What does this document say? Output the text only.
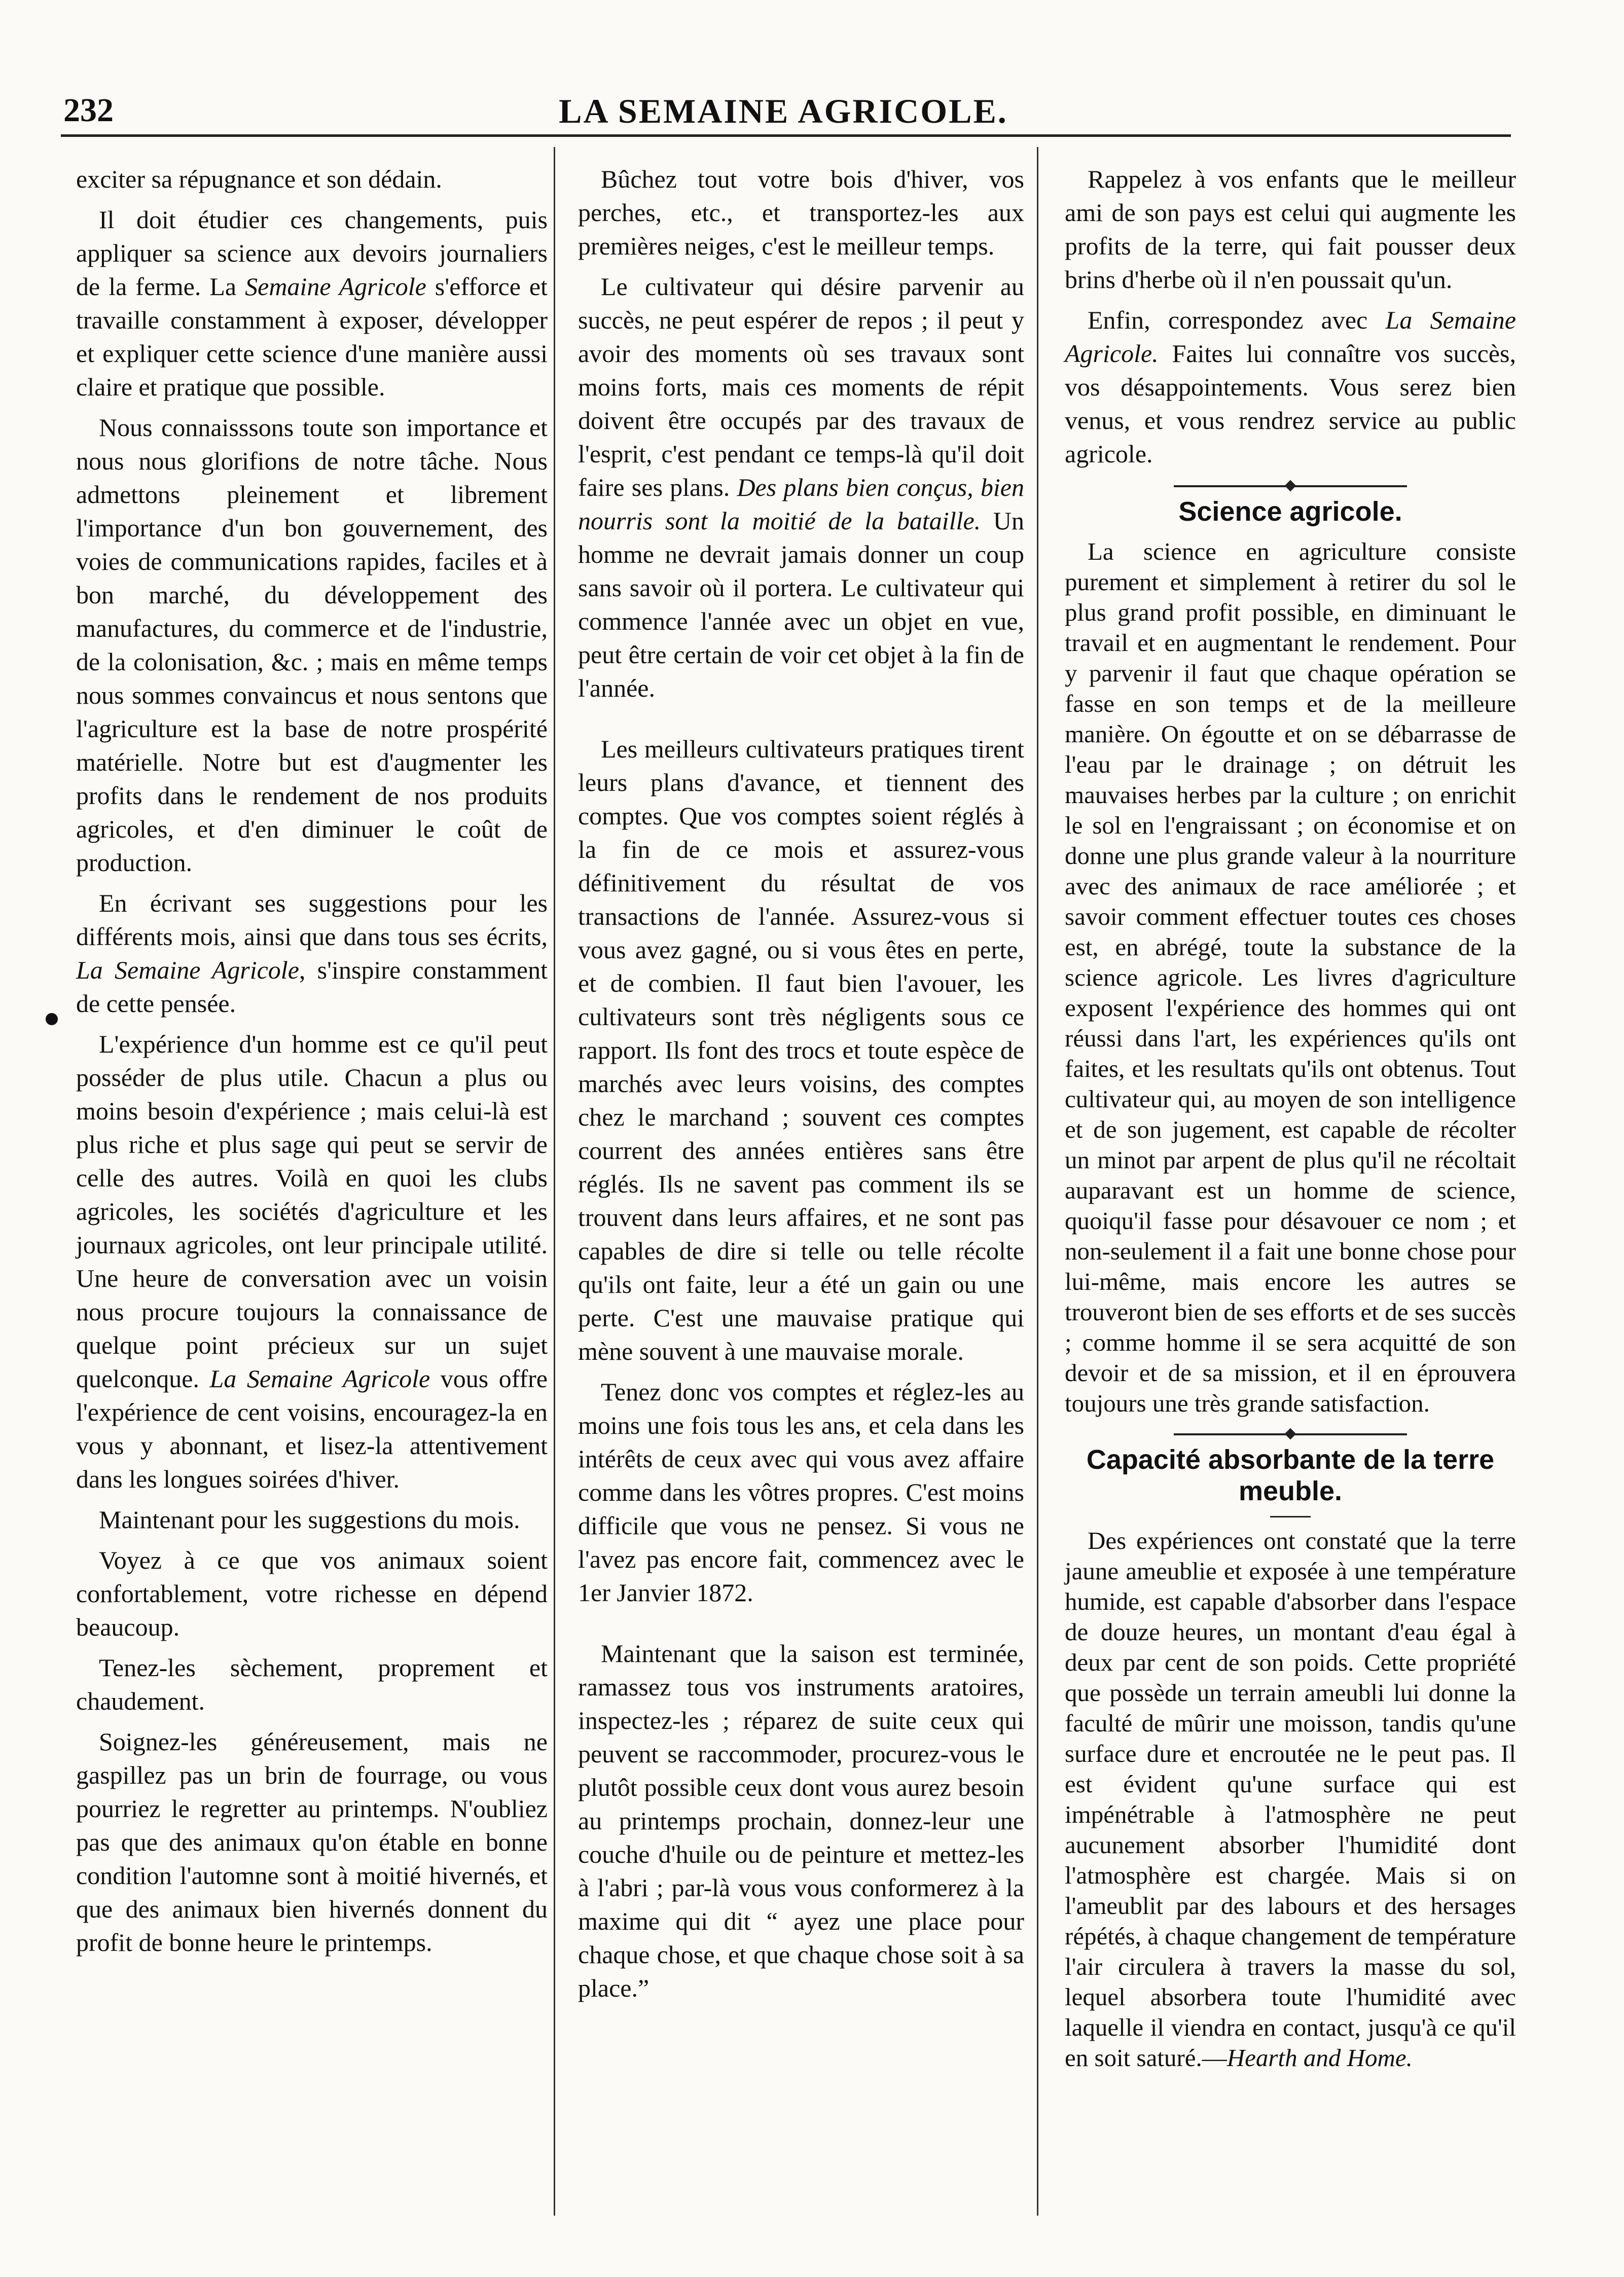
232	LA SEMAINE AGRICOLE.

exciter sa répugnance et son dédain.

Il doit étudier ces changements, puis appliquer sa science aux devoirs journaliers de la ferme. La Semaine Agricole s'efforce et travaille constamment à exposer, développer et expliquer cette science d'une manière aussi claire et pratique que possible.

Nous connaisssons toute son importance et nous nous glorifions de notre tâche. Nous admettons pleinement et librement l'importance d'un bon gouvernement, des voies de communications rapides, faciles et à bon marché, du développement des manufactures, du commerce et de l'industrie, de la colonisation, &c. ; mais en même temps nous sommes convaincus et nous sentons que l'agriculture est la base de notre prospérité matérielle. Notre but est d'augmenter les profits dans le rendement de nos produits agricoles, et d'en diminuer le coût de production.

En écrivant ses suggestions pour les différents mois, ainsi que dans tous ses écrits, La Semaine Agricole, s'inspire constamment de cette pensée.

L'expérience d'un homme est ce qu'il peut posséder de plus utile. Chacun a plus ou moins besoin d'expérience ; mais celui-là est plus riche et plus sage qui peut se servir de celle des autres. Voilà en quoi les clubs agricoles, les sociétés d'agriculture et les journaux agricoles, ont leur principale utilité. Une heure de conversation avec un voisin nous procure toujours la connaissance de quelque point précieux sur un sujet quelconque. La Semaine Agricole vous offre l'expérience de cent voisins, encouragez-la en vous y abonnant, et lisez-la attentivement dans les longues soirées d'hiver.

Maintenant pour les suggestions du mois.

Voyez à ce que vos animaux soient confortablement, votre richesse en dépend beaucoup.

Tenez-les sèchement, proprement et chaudement.

Soignez-les généreusement, mais ne gaspillez pas un brin de fourrage, ou vous pourriez le regretter au printemps. N'oubliez pas que des animaux qu'on étable en bonne condition l'automne sont à moitié hivernés, et que des animaux bien hivernés donnent du profit de bonne heure le printemps.

Bûchez tout votre bois d'hiver, vos perches, etc., et transportez-les aux premières neiges, c'est le meilleur temps.

Le cultivateur qui désire parvenir au succès, ne peut espérer de repos ; il peut y avoir des moments où ses travaux sont moins forts, mais ces moments de répit doivent être occupés par des travaux de l'esprit, c'est pendant ce temps-là qu'il doit faire ses plans. Des plans bien conçus, bien nourris sont la moitié de la bataille. Un homme ne devrait jamais donner un coup sans savoir où il portera. Le cultivateur qui commence l'année avec un objet en vue, peut être certain de voir cet objet à la fin de l'année.

Les meilleurs cultivateurs pratiques tirent leurs plans d'avance, et tiennent des comptes. Que vos comptes soient réglés à la fin de ce mois et assurez-vous définitivement du résultat de vos transactions de l'année. Assurez-vous si vous avez gagné, ou si vous êtes en perte, et de combien. Il faut bien l'avouer, les cultivateurs sont très négligents sous ce rapport. Ils font des trocs et toute espèce de marchés avec leurs voisins, des comptes chez le marchand ; souvent ces comptes courrent des années entières sans être réglés. Ils ne savent pas comment ils se trouvent dans leurs affaires, et ne sont pas capables de dire si telle ou telle récolte qu'ils ont faite, leur a été un gain ou une perte. C'est une mauvaise pratique qui mène souvent à une mauvaise morale.

Tenez donc vos comptes et réglez-les au moins une fois tous les ans, et cela dans les intérêts de ceux avec qui vous avez affaire comme dans les vôtres propres. C'est moins difficile que vous ne pensez. Si vous ne l'avez pas encore fait, commencez avec le 1er Janvier 1872.

Maintenant que la saison est terminée, ramassez tous vos instruments aratoires, inspectez-les ; réparez de suite ceux qui peuvent se raccommoder, procurez-vous le plutôt possible ceux dont vous aurez besoin au printemps prochain, donnez-leur une couche d'huile ou de peinture et mettez-les à l'abri ; par-là vous vous conformerez à la maxime qui dit “ ayez une place pour chaque chose, et que chaque chose soit à sa place.”

Rappelez à vos enfants que le meilleur ami de son pays est celui qui augmente les profits de la terre, qui fait pousser deux brins d'herbe où il n'en poussait qu'un.

Enfin, correspondez avec La Semaine Agricole. Faites lui connaître vos succès, vos désappointements. Vous serez bien venus, et vous rendrez service au public agricole.

Science agricole.

La science en agriculture consiste purement et simplement à retirer du sol le plus grand profit possible, en diminuant le travail et en augmentant le rendement. Pour y parvenir il faut que chaque opération se fasse en son temps et de la meilleure manière. On égoutte et on se débarrasse de l'eau par le drainage ; on détruit les mauvaises herbes par la culture ; on enrichit le sol en l'engraissant ; on économise et on donne une plus grande valeur à la nourriture avec des animaux de race améliorée ; et savoir comment effectuer toutes ces choses est, en abrégé, toute la substance de la science agricole. Les livres d'agriculture exposent l'expérience des hommes qui ont réussi dans l'art, les expériences qu'ils ont faites, et les resultats qu'ils ont obtenus. Tout cultivateur qui, au moyen de son intelligence et de son jugement, est capable de récolter un minot par arpent de plus qu'il ne récoltait auparavant est un homme de science, quoiqu'il fasse pour désavouer ce nom ; et non-seulement il a fait une bonne chose pour lui-même, mais encore les autres se trouveront bien de ses efforts et de ses succès ; comme homme il se sera acquitté de son devoir et de sa mission, et il en éprouvera toujours une très grande satisfaction.

Capacité absorbante de la terre meuble.

Des expériences ont constaté que la terre jaune ameublie et exposée à une température humide, est capable d'absorber dans l'espace de douze heures, un montant d'eau égal à deux par cent de son poids. Cette propriété que possède un terrain ameubli lui donne la faculté de mûrir une moisson, tandis qu'une surface dure et encroutée ne le peut pas. Il est évident qu'une surface qui est impénétrable à l'atmosphère ne peut aucunement absorber l'humidité dont l'atmosphère est chargée. Mais si on l'ameublit par des labours et des hersages répétés, à chaque changement de température l'air circulera à travers la masse du sol, lequel absorbera toute l'humidité avec laquelle il viendra en contact, jusqu'à ce qu'il en soit saturé.—Hearth and Home.
